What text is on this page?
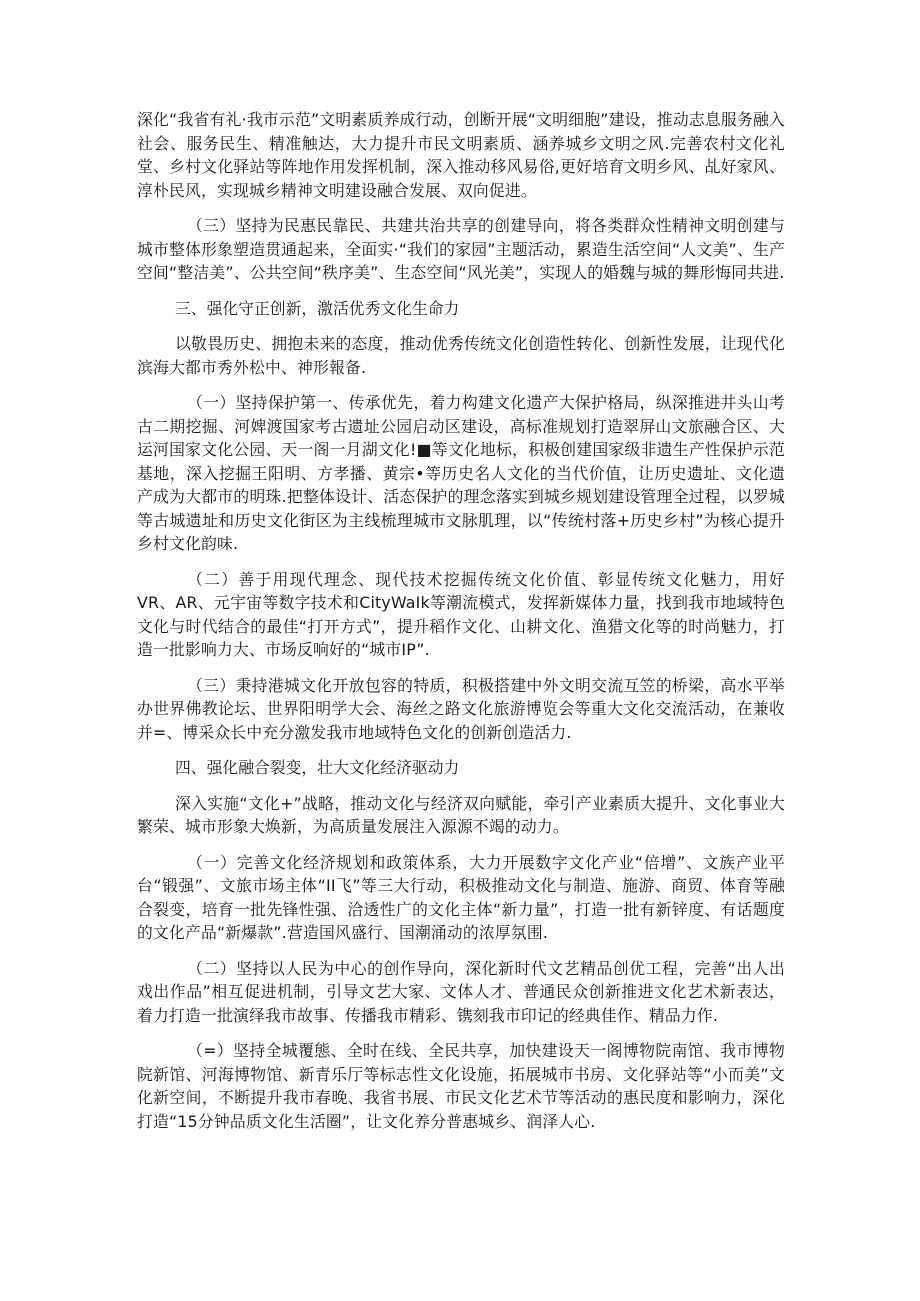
深化“我省有礼·我市示范”文明素质养成行动，创断开展“文明细胞”建设，推动志息服务融入社会、服务民生、精准触达，大力提升市民文明素质、涵养城乡文明之风.完善农村文化礼堂、乡村文化驿站等阵地作用发挥机制，深入推动移风易俗,更好培育文明乡风、乩好家风、淳朴民风，实现城乡精神文明建设融合发展、双向促进。

（三）坚持为民惠民靠民、共建共治共享的创建导向，将各类群众性精神文明创建与城市整体形象塑造贯通起来，全面实·“我们的家园”主题活动，累造生活空间“人文美”、生产空间“整洁美”、公共空间“秩序美”、生态空间“风光美”，实现人的婚魏与城的舞形悔同共进.

三、强化守正创新，激活优秀文化生命力

以敬畏历史、拥抱未来的态度，推动优秀传统文化创造性转化、创新性发展，让现代化滨海大都市秀外松中、神形報备.

（一）坚持保护第一、传承优先，着力构建文化遗产大保护格局，纵深推进井头山考古二期挖掘、河婢渡国家考古遗址公园启动区建设，高标准规划打造翠屏山文旅融合区、大运河国家文化公园、天一阁一月湖文化!■等文化地标，积极创建国家级非遗生产性保护示范基地，深入挖掘王阳明、方孝播、黄宗•等历史名人文化的当代价值，让历史遗址、文化遗产成为大都市的明珠.把整体设计、活态保护的理念落实到城乡规划建设管理全过程，以罗城等古城遗址和历史文化街区为主线梳理城市文脉肌理，以“传统村落+历史乡村”为核心提升乡村文化韵味.

（二）善于用现代理念、现代技术挖掘传统文化价值、彰显传统文化魅力，用好VR、AR、元宇宙等数字技术和CityWaIk等潮流模式，发挥新媒体力量，找到我市地域特色文化与时代结合的最佳“打开方式”，提升稻作文化、山耕文化、渔猎文化等的时尚魅力，打造一批影响力大、市场反响好的“城市IP”.

（三）秉持港城文化开放包容的特质，积极搭建中外文明交流互笠的桥梁，高水平举办世界佛教论坛、世界阳明学大会、海丝之路文化旅游博览会等重大文化交流活动，在兼收并=、博采众长中充分激发我市地域特色文化的创新创造活力.

四、强化融合裂变，壮大文化经济驱动力

深入实施“文化+”战略，推动文化与经济双向赋能，牵引产业素质大提升、文化事业大繁荣、城市形象大焕新，为高质量发展注入源源不竭的动力。

（一）完善文化经济规划和政策体系，大力开展数字文化产业“倍增”、文族产业平台“锻强”、文旅市场主体“II飞”等三大行动，积极推动文化与制造、施游、商贸、体育等融合裂变，培育一批先锋性强、洽透性广的文化主体“新力量”，打造一批有新锌度、有话题度的文化产品“新爆款”.营造国风盛行、国潮涌动的浓厚氛围.

（二）坚持以人民为中心的创作导向，深化新时代文艺精品创优工程，完善“出人出戏出作品”相互促进机制，引导文艺大家、文体人才、普通民众创新推进文化艺术新表达，着力打造一批演绎我市故事、传播我市精彩、镌刻我市印记的经典佳作、精品力作.

（=）坚持全城覆態、全时在线、全民共享，加快建设天一阁博物院南馆、我市博物院新馆、河海博物馆、新青乐厅等标志性文化设施，拓展城市书房、文化驿站等“小而美”文化新空间，不断提升我市春晚、我省书展、市民文化艺术节等活动的惠民度和影响力，深化打造“15分钟品质文化生活圈”，让文化养分普惠城乡、润泽人心.
